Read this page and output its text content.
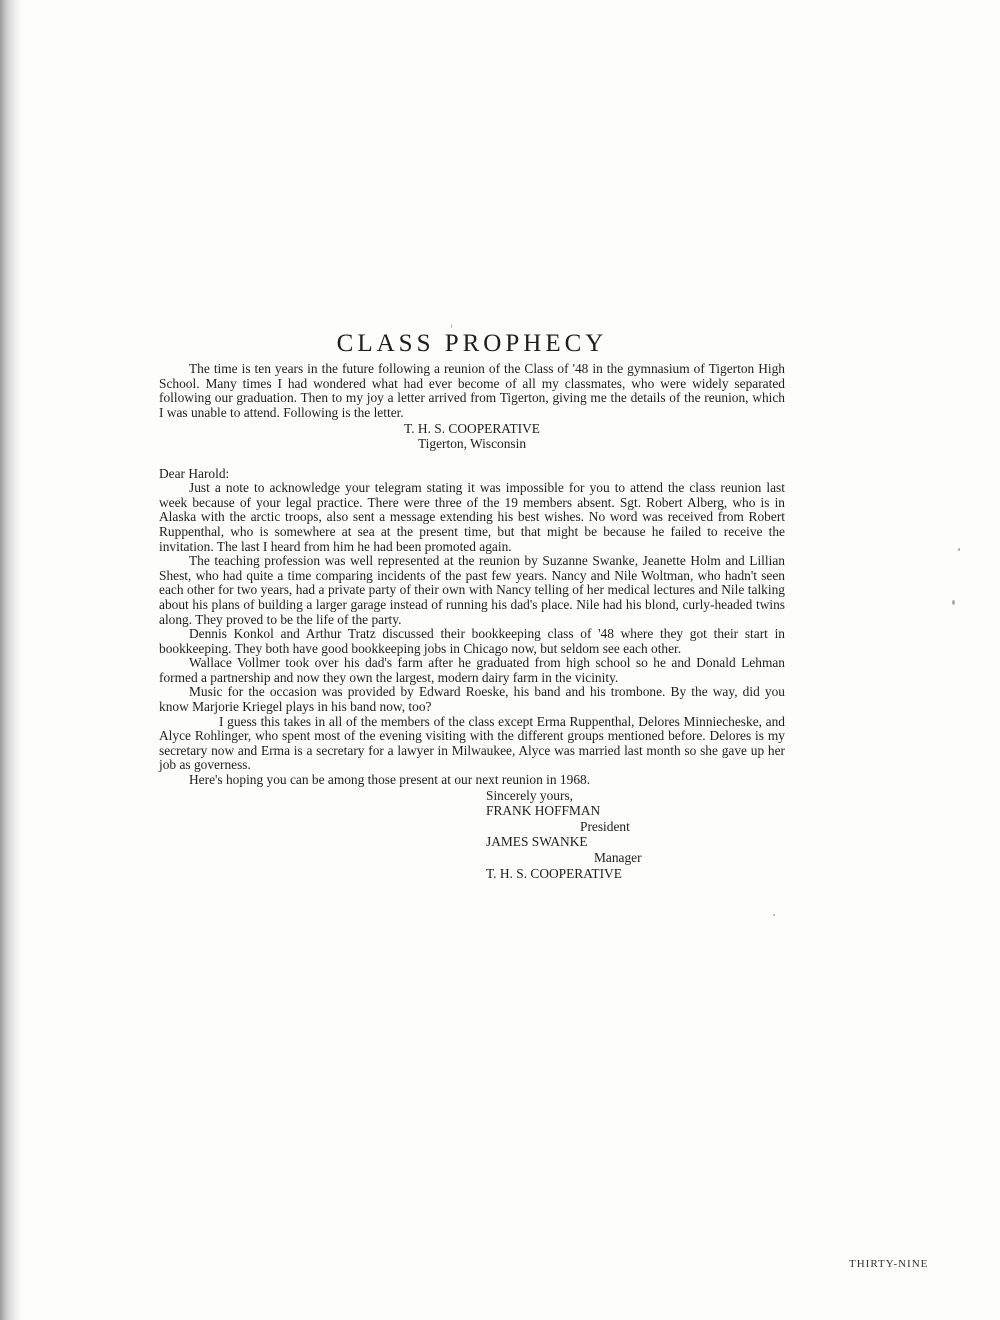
CLASS PROPHECY

The time is ten years in the future following a reunion of the Class of '48 in the gymnasium of Tigerton High School. Many times I had wondered what had ever become of all my classmates, who were widely separated following our graduation. Then to my joy a letter arrived from Tigerton, giving me the details of the reunion, which I was unable to attend. Following is the letter.

T. H. S. COOPERATIVE
Tigerton, Wisconsin

Dear Harold:

Just a note to acknowledge your telegram stating it was impossible for you to attend the class reunion last week because of your legal practice. There were three of the 19 members absent. Sgt. Robert Alberg, who is in Alaska with the arctic troops, also sent a message extending his best wishes. No word was received from Robert Ruppenthal, who is somewhere at sea at the present time, but that might be because he failed to receive the invitation. The last I heard from him he had been promoted again.

The teaching profession was well represented at the reunion by Suzanne Swanke, Jeanette Holm and Lillian Shest, who had quite a time comparing incidents of the past few years. Nancy and Nile Woltman, who hadn't seen each other for two years, had a private party of their own with Nancy telling of her medical lectures and Nile talking about his plans of building a larger garage instead of running his dad's place. Nile had his blond, curly-headed twins along. They proved to be the life of the party.

Dennis Konkol and Arthur Tratz discussed their bookkeeping class of '48 where they got their start in bookkeeping. They both have good bookkeeping jobs in Chicago now, but seldom see each other.

Wallace Vollmer took over his dad's farm after he graduated from high school so he and Donald Lehman formed a partnership and now they own the largest, modern dairy farm in the vicinity.

Music for the occasion was provided by Edward Roeske, his band and his trombone. By the way, did you know Marjorie Kriegel plays in his band now, too?

I guess this takes in all of the members of the class except Erma Ruppenthal, Delores Minniecheske, and Alyce Rohlinger, who spent most of the evening visiting with the different groups mentioned before. Delores is my secretary now and Erma is a secretary for a lawyer in Milwaukee, Alyce was married last month so she gave up her job as governess.

Here's hoping you can be among those present at our next reunion in 1968.

Sincerely yours,
FRANK HOFFMAN
President
JAMES SWANKE
Manager
T. H. S. COOPERATIVE
THIRTY-NINE
